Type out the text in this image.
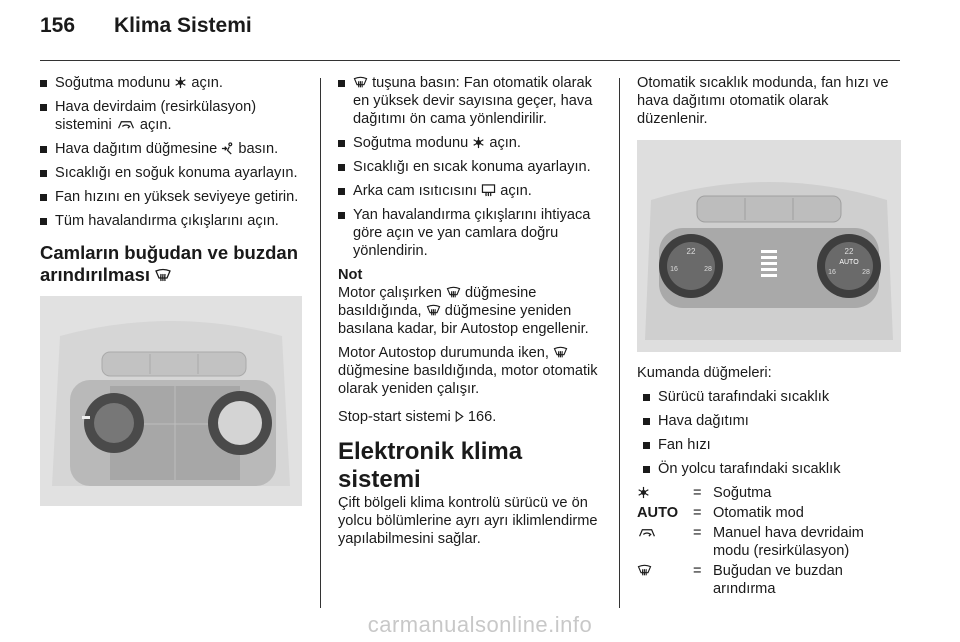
156 Klima Sistemi
Soğutma modunu açın.
Hava devirdaim (resirkülasyon) sistemini açın.
Hava dağıtım düğmesine basın.
Sıcaklığı en soğuk konuma ayarlayın.
Fan hızını en yüksek seviyeye getirin.
Tüm havalandırma çıkışlarını açın.
Camların buğudan ve buzdan arındırılması
tuşuna basın: Fan otomatik olarak en yüksek devir sayısına geçer, hava dağıtımı ön cama yönlendirilir.
Soğutma modunu açın.
Sıcaklığı en sıcak konuma ayarlayın.
Arka cam ısıtıcısını açın.
Yan havalandırma çıkışlarını ihtiyaca göre açın ve yan camlara doğru yönlendirin.
Not

Motor çalışırken düğmesine basıldığında, düğmesine yeniden basılana kadar, bir Autostop engellenir.

Motor Autostop durumunda iken,  düğmesine basıldığında, motor otomatik olarak yeniden çalışır.

Stop-start sistemi 166.

Elektronik klima sistemi

Çift bölgeli klima kontrolü sürücü ve ön yolcu bölümlerine ayrı ayrı iklimlendirme yapılabilmesini sağlar.

Otomatik sıcaklık modunda, fan hızı ve hava dağıtımı otomatik olarak düzenlenir.

22
16	28
22
AUTO
16	28

Kumanda düğmeleri:

Sürücü tarafındaki sıcaklık
Hava dağıtımı
Fan hızı
Ön yolcu tarafındaki sıcaklık
= Soğutma
AUTO = Otomatik mod
= Manuel hava devridaim modu (resirkülasyon)
= Buğudan ve buzdan arındırma
carmanualsonline.info
